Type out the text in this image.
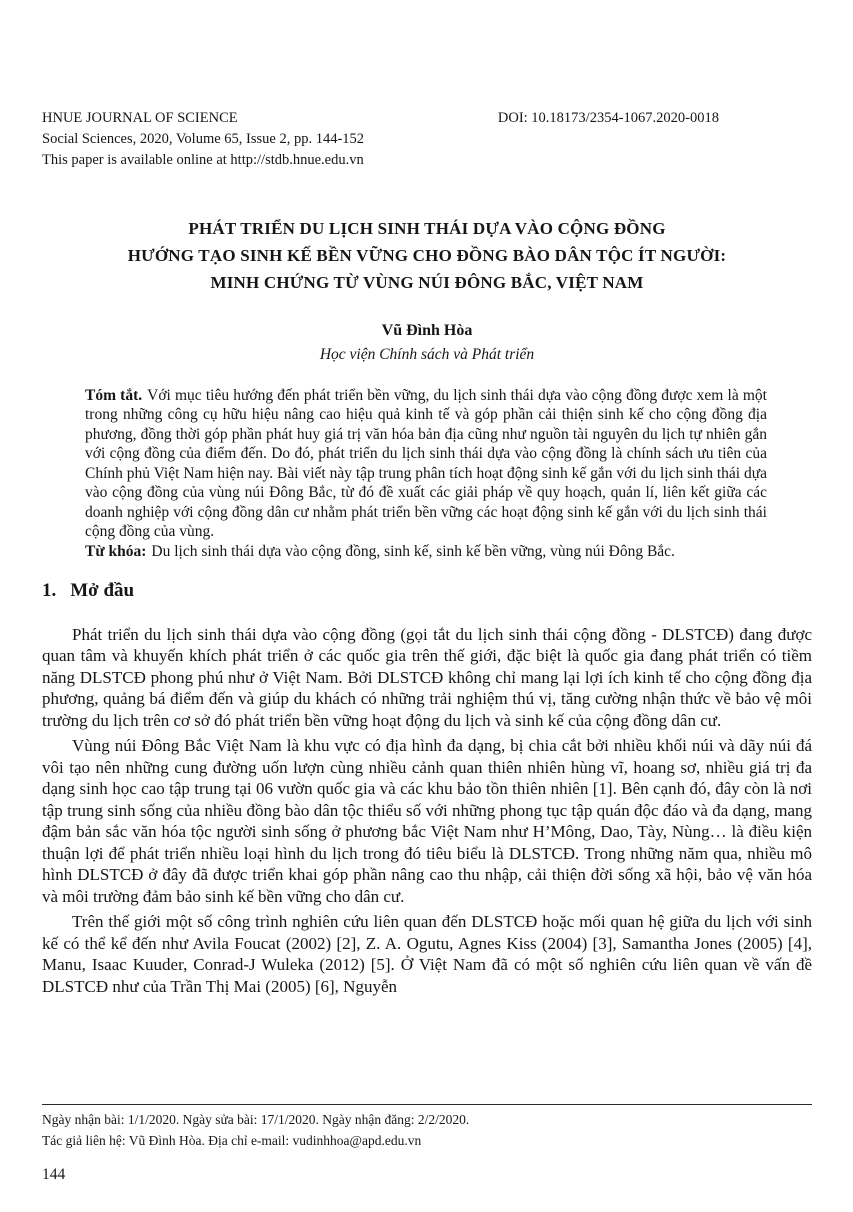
HNUE JOURNAL OF SCIENCE	DOI: 10.18173/2354-1067.2020-0018
Social Sciences, 2020, Volume 65, Issue 2, pp. 144-152
This paper is available online at http://stdb.hnue.edu.vn
PHÁT TRIỂN DU LỊCH SINH THÁI DỰA VÀO CỘNG ĐỒNG
HƯỚNG TẠO SINH KẾ BỀN VỮNG CHO ĐỒNG BÀO DÂN TỘC ÍT NGƯỜI:
MINH CHỨNG TỪ VÙNG NÚI ĐÔNG BẮC, VIỆT NAM
Vũ Đình Hòa
Học viện Chính sách và Phát triển

Tóm tắt. Với mục tiêu hướng đến phát triển bền vững, du lịch sinh thái dựa vào cộng đồng được xem là một trong những công cụ hữu hiệu nâng cao hiệu quả kinh tế và góp phần cải thiện sinh kế cho cộng đồng địa phương, đồng thời góp phần phát huy giá trị văn hóa bản địa cũng như nguồn tài nguyên du lịch tự nhiên gắn với cộng đồng của điểm đến. Do đó, phát triển du lịch sinh thái dựa vào cộng đồng là chính sách ưu tiên của Chính phủ Việt Nam hiện nay. Bài viết này tập trung phân tích hoạt động sinh kế gắn với du lịch sinh thái dựa vào cộng đồng của vùng núi Đông Bắc, từ đó đề xuất các giải pháp về quy hoạch, quản lí, liên kết giữa các doanh nghiệp với cộng đồng dân cư nhằm phát triển bền vững các hoạt động sinh kế gắn với du lịch sinh thái cộng đồng của vùng.

Từ khóa: Du lịch sinh thái dựa vào cộng đồng, sinh kế, sinh kế bền vững, vùng núi Đông Bắc.

1. Mở đầu

Phát triển du lịch sinh thái dựa vào cộng đồng (gọi tắt du lịch sinh thái cộng đồng - DLSTCĐ) đang được quan tâm và khuyến khích phát triển ở các quốc gia trên thế giới, đặc biệt là quốc gia đang phát triển có tiềm năng DLSTCĐ phong phú như ở Việt Nam. Bởi DLSTCĐ không chỉ mang lại lợi ích kinh tế cho cộng đồng địa phương, quảng bá điểm đến và giúp du khách có những trải nghiệm thú vị, tăng cường nhận thức về bảo vệ môi trường du lịch trên cơ sở đó phát triển bền vững hoạt động du lịch và sinh kế của cộng đồng dân cư.

Vùng núi Đông Bắc Việt Nam là khu vực có địa hình đa dạng, bị chia cắt bởi nhiều khối núi và dãy núi đá vôi tạo nên những cung đường uốn lượn cùng nhiều cảnh quan thiên nhiên hùng vĩ, hoang sơ, nhiều giá trị đa dạng sinh học cao tập trung tại 06 vườn quốc gia và các khu bảo tồn thiên nhiên [1]. Bên cạnh đó, đây còn là nơi tập trung sinh sống của nhiều đồng bào dân tộc thiểu số với những phong tục tập quán độc đáo và đa dạng, mang đậm bản sắc văn hóa tộc người sinh sống ở phương bắc Việt Nam như H’Mông, Dao, Tày, Nùng… là điều kiện thuận lợi để phát triển nhiều loại hình du lịch trong đó tiêu biểu là DLSTCĐ. Trong những năm qua, nhiều mô hình DLSTCĐ ở đây đã được triển khai góp phần nâng cao thu nhập, cải thiện đời sống xã hội, bảo vệ văn hóa và môi trường đảm bảo sinh kế bền vững cho dân cư.

Trên thế giới một số công trình nghiên cứu liên quan đến DLSTCĐ hoặc mối quan hệ giữa du lịch với sinh kế có thể kể đến như Avila Foucat (2002) [2], Z. A. Ogutu, Agnes Kiss (2004) [3], Samantha Jones (2005) [4], Manu, Isaac Kuuder, Conrad-J Wuleka (2012) [5]. Ở Việt Nam đã có một số nghiên cứu liên quan về vấn đề DLSTCĐ như của Trần Thị Mai (2005) [6], Nguyễn

Ngày nhận bài: 1/1/2020. Ngày sửa bài: 17/1/2020. Ngày nhận đăng: 2/2/2020.

Tác giả liên hệ: Vũ Đình Hòa. Địa chỉ e-mail: vudinhhoa@apd.edu.vn

144
